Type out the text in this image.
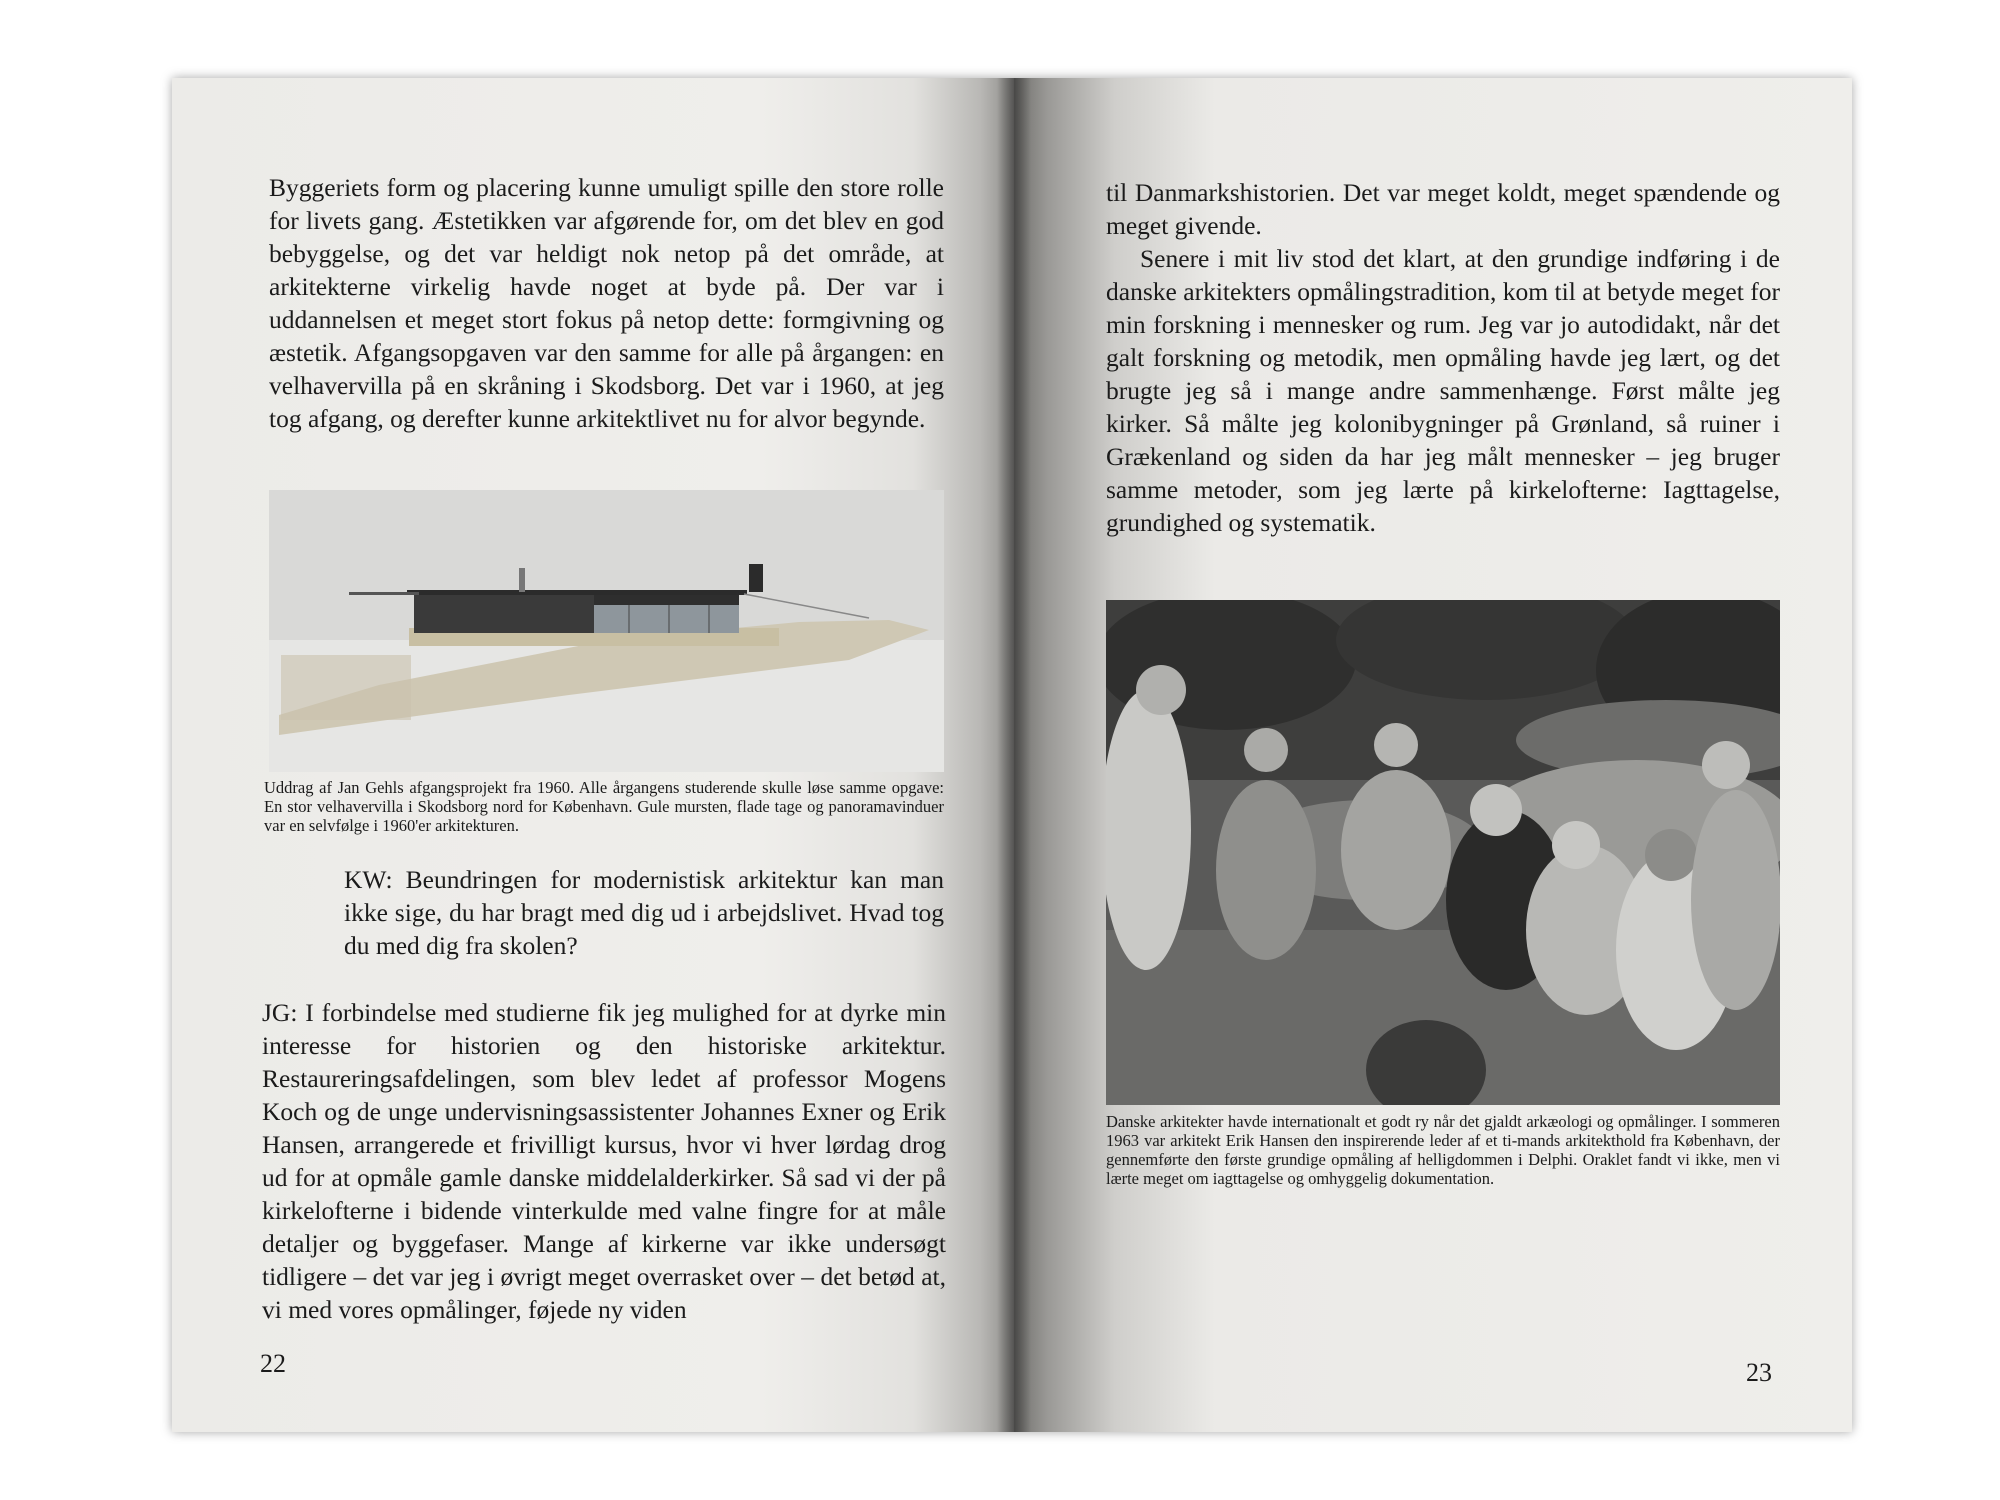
Byggeriets form og placering kunne umuligt spille den store rolle for livets gang. Æstetikken var afgørende for, om det blev en god bebyggelse, og det var heldigt nok netop på det område, at arkitekterne virkelig havde noget at byde på. Der var i uddannelsen et meget stort fokus på netop dette: formgivning og æstetik. Afgangsopgaven var den samme for alle på årgangen: en velhavervilla på en skråning i Skodsborg. Det var i 1960, at jeg tog afgang, og derefter kunne arkitektlivet nu for alvor begynde.

Uddrag af Jan Gehls afgangsprojekt fra 1960. Alle årgangens studerende skulle løse samme opgave: En stor velhavervilla i Skodsborg nord for København. Gule mursten, flade tage og panoramavinduer var en selvfølge i 1960'er arkitekturen.

KW: Beundringen for modernistisk arkitektur kan man ikke sige, du har bragt med dig ud i arbejdslivet. Hvad tog du med dig fra skolen?

JG: I forbindelse med studierne fik jeg mulighed for at dyrke min interesse for historien og den historiske arkitektur. Restaureringsafdelingen, som blev ledet af professor Mogens Koch og de unge undervisningsassistenter Johannes Exner og Erik Hansen, arrangerede et frivilligt kursus, hvor vi hver lørdag drog ud for at opmåle gamle danske middelalderkirker. Så sad vi der på kirkelofterne i bidende vinterkulde med valne fingre for at måle detaljer og byggefaser. Mange af kirkerne var ikke undersøgt tidligere – det var jeg i øvrigt meget overrasket over – det betød at, vi med vores opmålinger, føjede ny viden

22

til Danmarkshistorien. Det var meget koldt, meget spændende og meget givende.

Senere i mit liv stod det klart, at den grundige indføring i de danske arkitekters opmålingstradition, kom til at betyde meget for min forskning i mennesker og rum. Jeg var jo autodidakt, når det galt forskning og metodik, men opmåling havde jeg lært, og det brugte jeg så i mange andre sammenhænge. Først målte jeg kirker. Så målte jeg kolonibygninger på Grønland, så ruiner i Grækenland og siden da har jeg målt mennesker – jeg bruger samme metoder, som jeg lærte på kirkelofterne: Iagttagelse, grundighed og systematik.

Danske arkitekter havde internationalt et godt ry når det gjaldt arkæologi og opmålinger. I sommeren 1963 var arkitekt Erik Hansen den inspirerende leder af et ti-mands arkitekthold fra København, der gennemførte den første grundige opmåling af helligdommen i Delphi. Oraklet fandt vi ikke, men vi lærte meget om iagttagelse og omhyggelig dokumentation.

23
